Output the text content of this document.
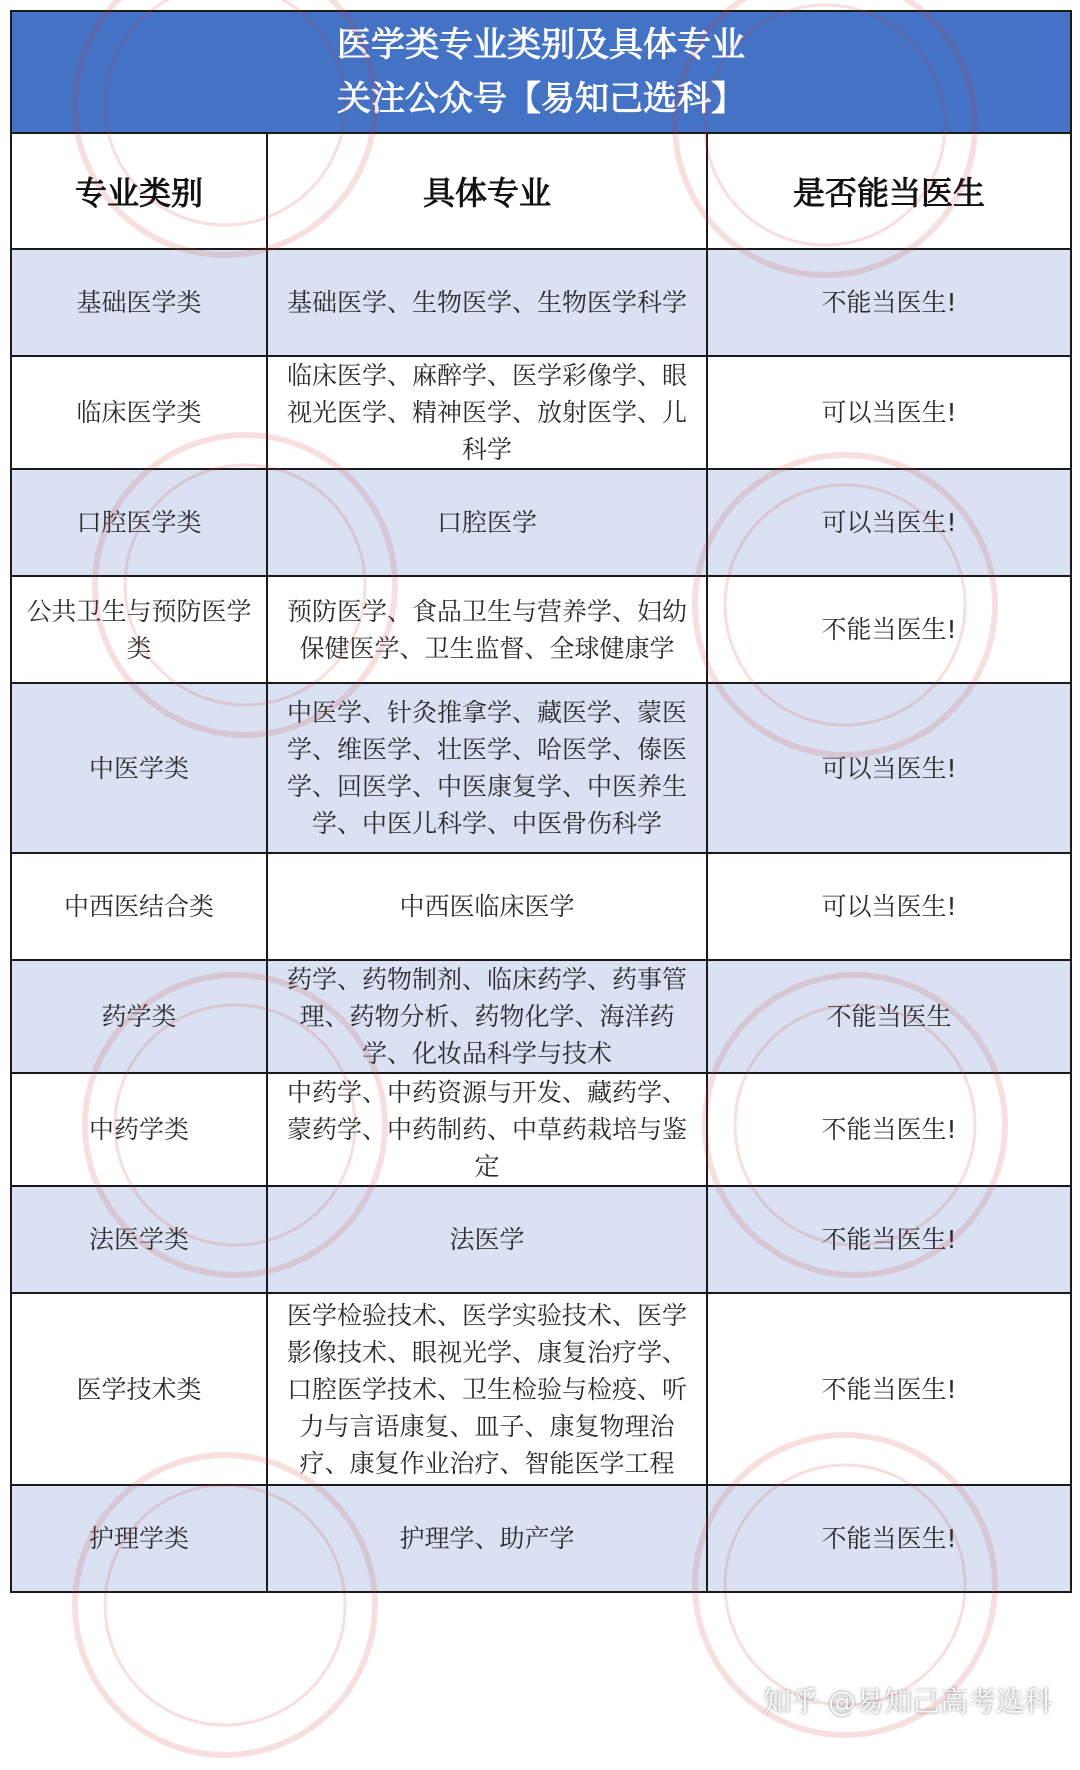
医学类专业类别及具体专业
关注公众号【易知己选科】		

专业类别	具体专业	是否能当医生
基础医学类	基础医学、生物医学、生物医学科学	不能当医生!
临床医学类	临床医学、麻醉学、医学彩像学、眼视光医学、精神医学、放射医学、儿科学	可以当医生!
口腔医学类	口腔医学	可以当医生!
公共卫生与预防医学类	预防医学、食品卫生与营养学、妇幼保健医学、卫生监督、全球健康学	不能当医生!
中医学类	中医学、针灸推拿学、藏医学、蒙医学、维医学、壮医学、哈医学、傣医学、回医学、中医康复学、中医养生学、中医儿科学、中医骨伤科学	可以当医生!
中西医结合类	中西医临床医学	可以当医生!
药学类	药学、药物制剂、临床药学、药事管理、药物分析、药物化学、海洋药学、化妆品科学与技术	不能当医生
中药学类	中药学、中药资源与开发、藏药学、蒙药学、中药制药、中草药栽培与鉴定	不能当医生!
法医学类	法医学	不能当医生!
医学技术类	医学检验技术、医学实验技术、医学影像技术、眼视光学、康复治疗学、口腔医学技术、卫生检验与检疫、听力与言语康复、皿子、康复物理治疗、康复作业治疗、智能医学工程	不能当医生!
护理学类	护理学、助产学	不能当医生!
知乎 @易知己高考选科
